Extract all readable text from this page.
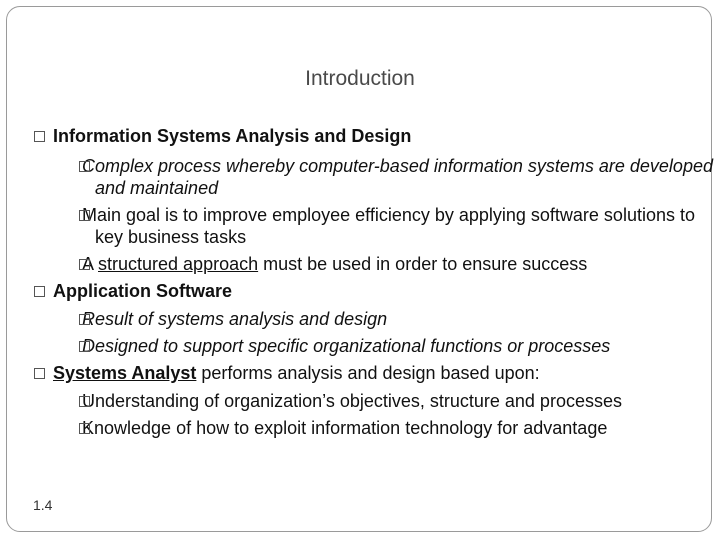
Introduction
Information Systems Analysis and Design
Complex process whereby computer-based information systems are developed and maintained
Main goal is to improve employee efficiency by applying software solutions to key business tasks
A structured approach must be used in order to ensure success
Application Software
Result of systems analysis and design
Designed to support specific organizational functions or processes
Systems Analyst performs analysis and design based upon:
Understanding of organization’s objectives, structure and processes
Knowledge of how to exploit information technology for advantage
1.4
